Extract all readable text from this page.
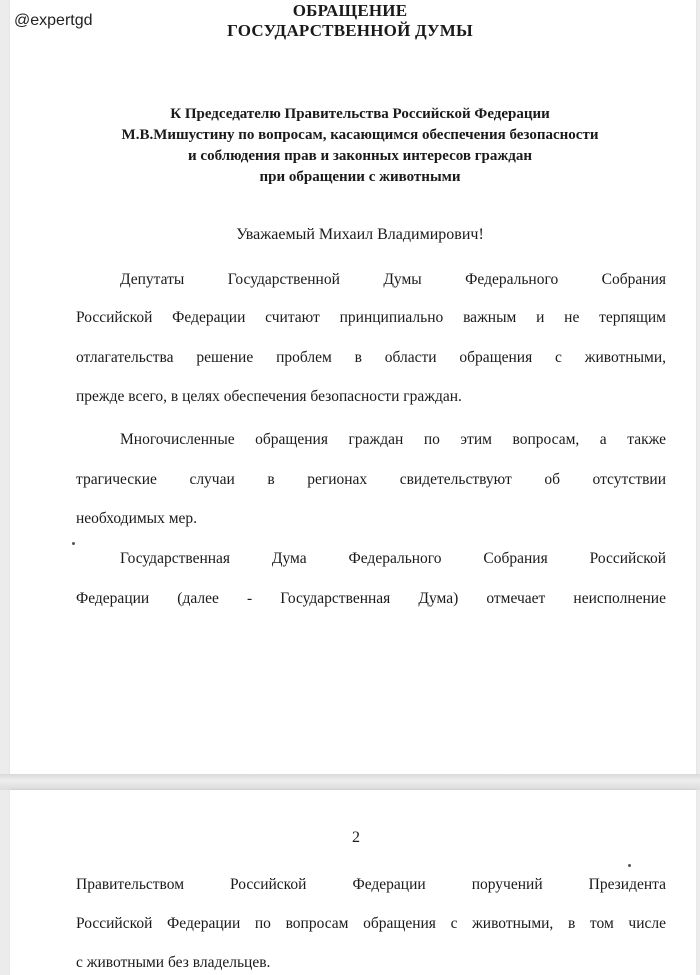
@expertgd
ОБРАЩЕНИЕ
ГОСУДАРСТВЕННОЙ ДУМЫ
К Председателю Правительства Российской Федерации
М.В.Мишустину по вопросам, касающимся обеспечения безопасности
и соблюдения прав и законных интересов граждан
при обращении с животными
Уважаемый Михаил Владимирович!
Депутаты Государственной Думы Федерального Собрания
Российской Федерации считают принципиально важным и не терпящим
отлагательства решение проблем в области обращения с животными,
прежде всего, в целях обеспечения безопасности граждан.
Многочисленные обращения граждан по этим вопросам, а также
трагические случаи в регионах свидетельствуют об отсутствии
необходимых мер.
Государственная Дума Федерального Собрания Российской
Федерации (далее - Государственная Дума) отмечает неисполнение
2
Правительством Российской Федерации поручений Президента
Российской Федерации по вопросам обращения с животными, в том числе
с животными без владельцев.
